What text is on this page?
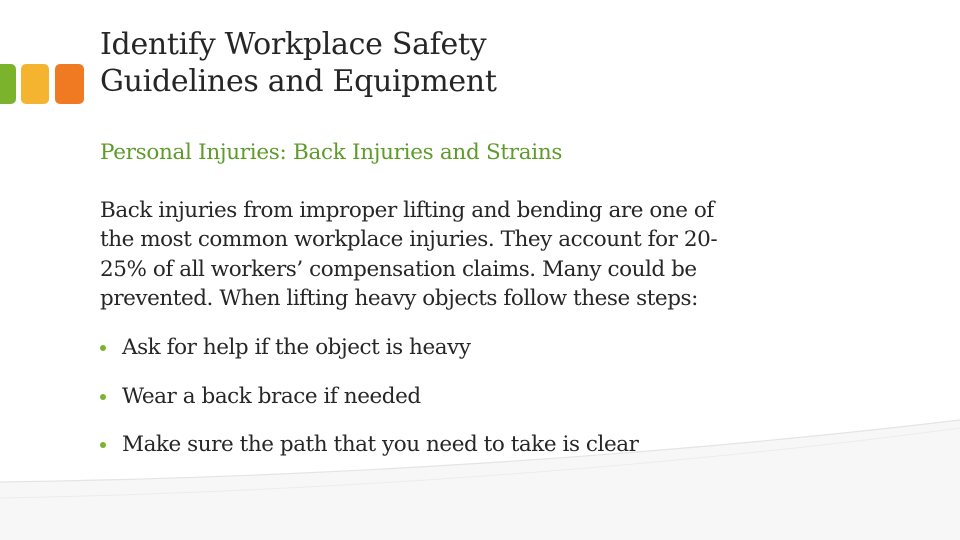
Identify Workplace Safety
Guidelines and Equipment
Personal Injuries: Back Injuries and Strains

Back injuries from improper lifting and bending are one of
the most common workplace injuries. They account for 20-
25% of all workers’ compensation claims. Many could be
prevented. When lifting heavy objects follow these steps:

Ask for help if the object is heavy
Wear a back brace if needed
Make sure the path that you need to take is clear
